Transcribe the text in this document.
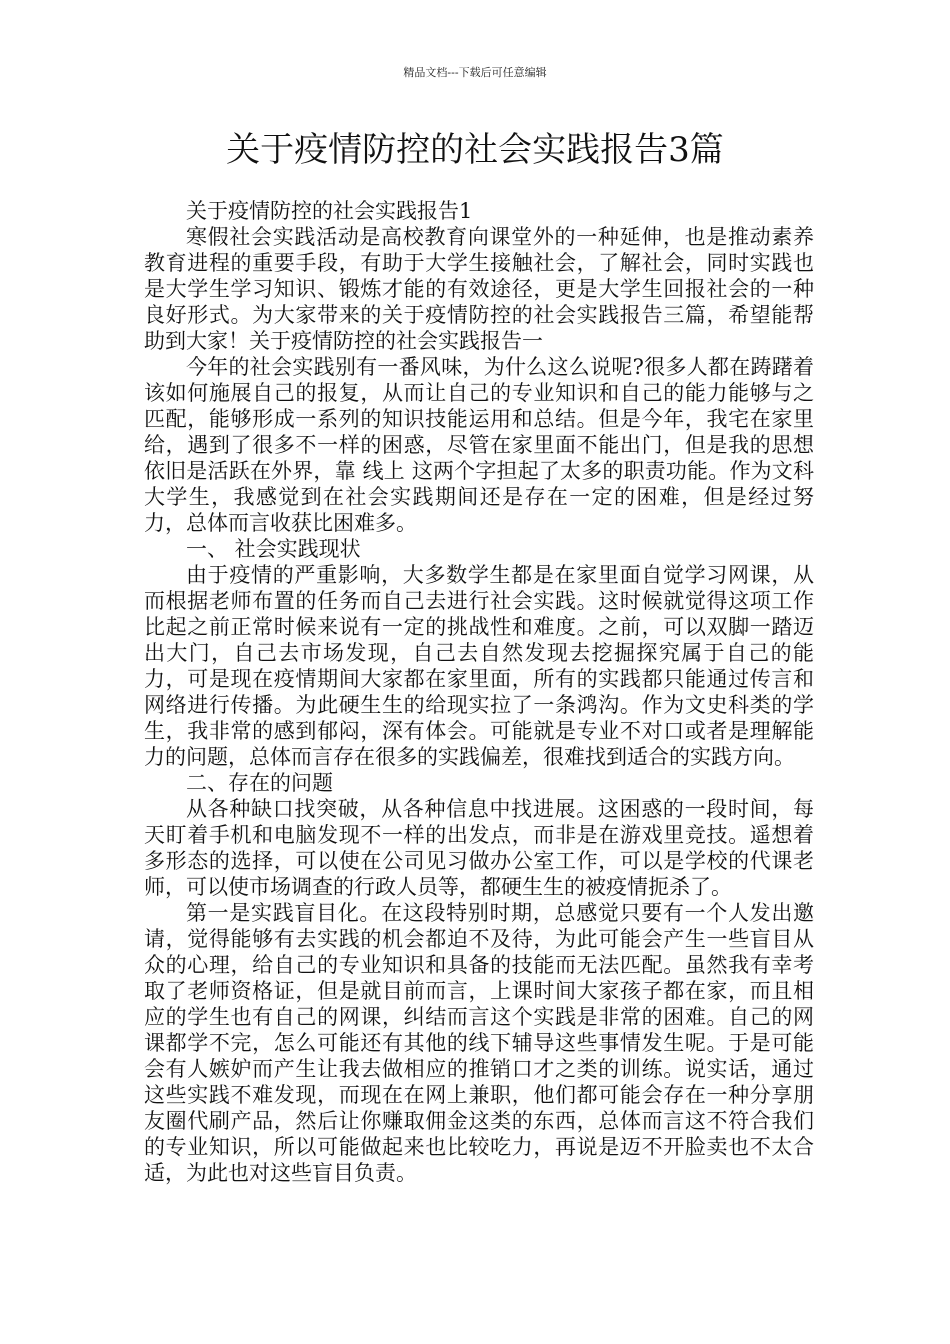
精品文档---下载后可任意编辑
关于疫情防控的社会实践报告3篇

关于疫情防控的社会实践报告1

寒假社会实践活动是高校教育向课堂外的一种延伸，也是推动素养教育进程的重要手段，有助于大学生接触社会，了解社会，同时实践也是大学生学习知识、锻炼才能的有效途径，更是大学生回报社会的一种良好形式。为大家带来的关于疫情防控的社会实践报告三篇，希望能帮助到大家！关于疫情防控的社会实践报告一

今年的社会实践别有一番风味，为什么这么说呢?很多人都在踌躇着该如何施展自己的报复，从而让自己的专业知识和自己的能力能够与之匹配，能够形成一系列的知识技能运用和总结。但是今年，我宅在家里给，遇到了很多不一样的困惑，尽管在家里面不能出门，但是我的思想依旧是活跃在外界，靠 线上 这两个字担起了太多的职责功能。作为文科大学生，我感觉到在社会实践期间还是存在一定的困难，但是经过努力，总体而言收获比困难多。

一、 社会实践现状

由于疫情的严重影响，大多数学生都是在家里面自觉学习网课，从而根据老师布置的任务而自己去进行社会实践。这时候就觉得这项工作比起之前正常时候来说有一定的挑战性和难度。之前，可以双脚一踏迈出大门，自己去市场发现，自己去自然发现去挖掘探究属于自己的能力，可是现在疫情期间大家都在家里面，所有的实践都只能通过传言和网络进行传播。为此硬生生的给现实拉了一条鸿沟。作为文史科类的学生，我非常的感到郁闷，深有体会。可能就是专业不对口或者是理解能力的问题，总体而言存在很多的实践偏差，很难找到适合的实践方向。

二、存在的问题

从各种缺口找突破，从各种信息中找进展。这困惑的一段时间，每天盯着手机和电脑发现不一样的出发点，而非是在游戏里竞技。遥想着多形态的选择，可以使在公司见习做办公室工作，可以是学校的代课老师，可以使市场调查的行政人员等，都硬生生的被疫情扼杀了。

第一是实践盲目化。在这段特别时期，总感觉只要有一个人发出邀请，觉得能够有去实践的机会都迫不及待，为此可能会产生一些盲目从众的心理，给自己的专业知识和具备的技能而无法匹配。虽然我有幸考取了老师资格证，但是就目前而言，上课时间大家孩子都在家，而且相应的学生也有自己的网课，纠结而言这个实践是非常的困难。自己的网课都学不完，怎么可能还有其他的线下辅导这些事情发生呢。于是可能会有人嫉妒而产生让我去做相应的推销口才之类的训练。说实话，通过这些实践不难发现，而现在在网上兼职，他们都可能会存在一种分享朋友圈代刷产品，然后让你赚取佣金这类的东西，总体而言这不符合我们的专业知识，所以可能做起来也比较吃力，再说是迈不开脸卖也不太合适，为此也对这些盲目负责。
